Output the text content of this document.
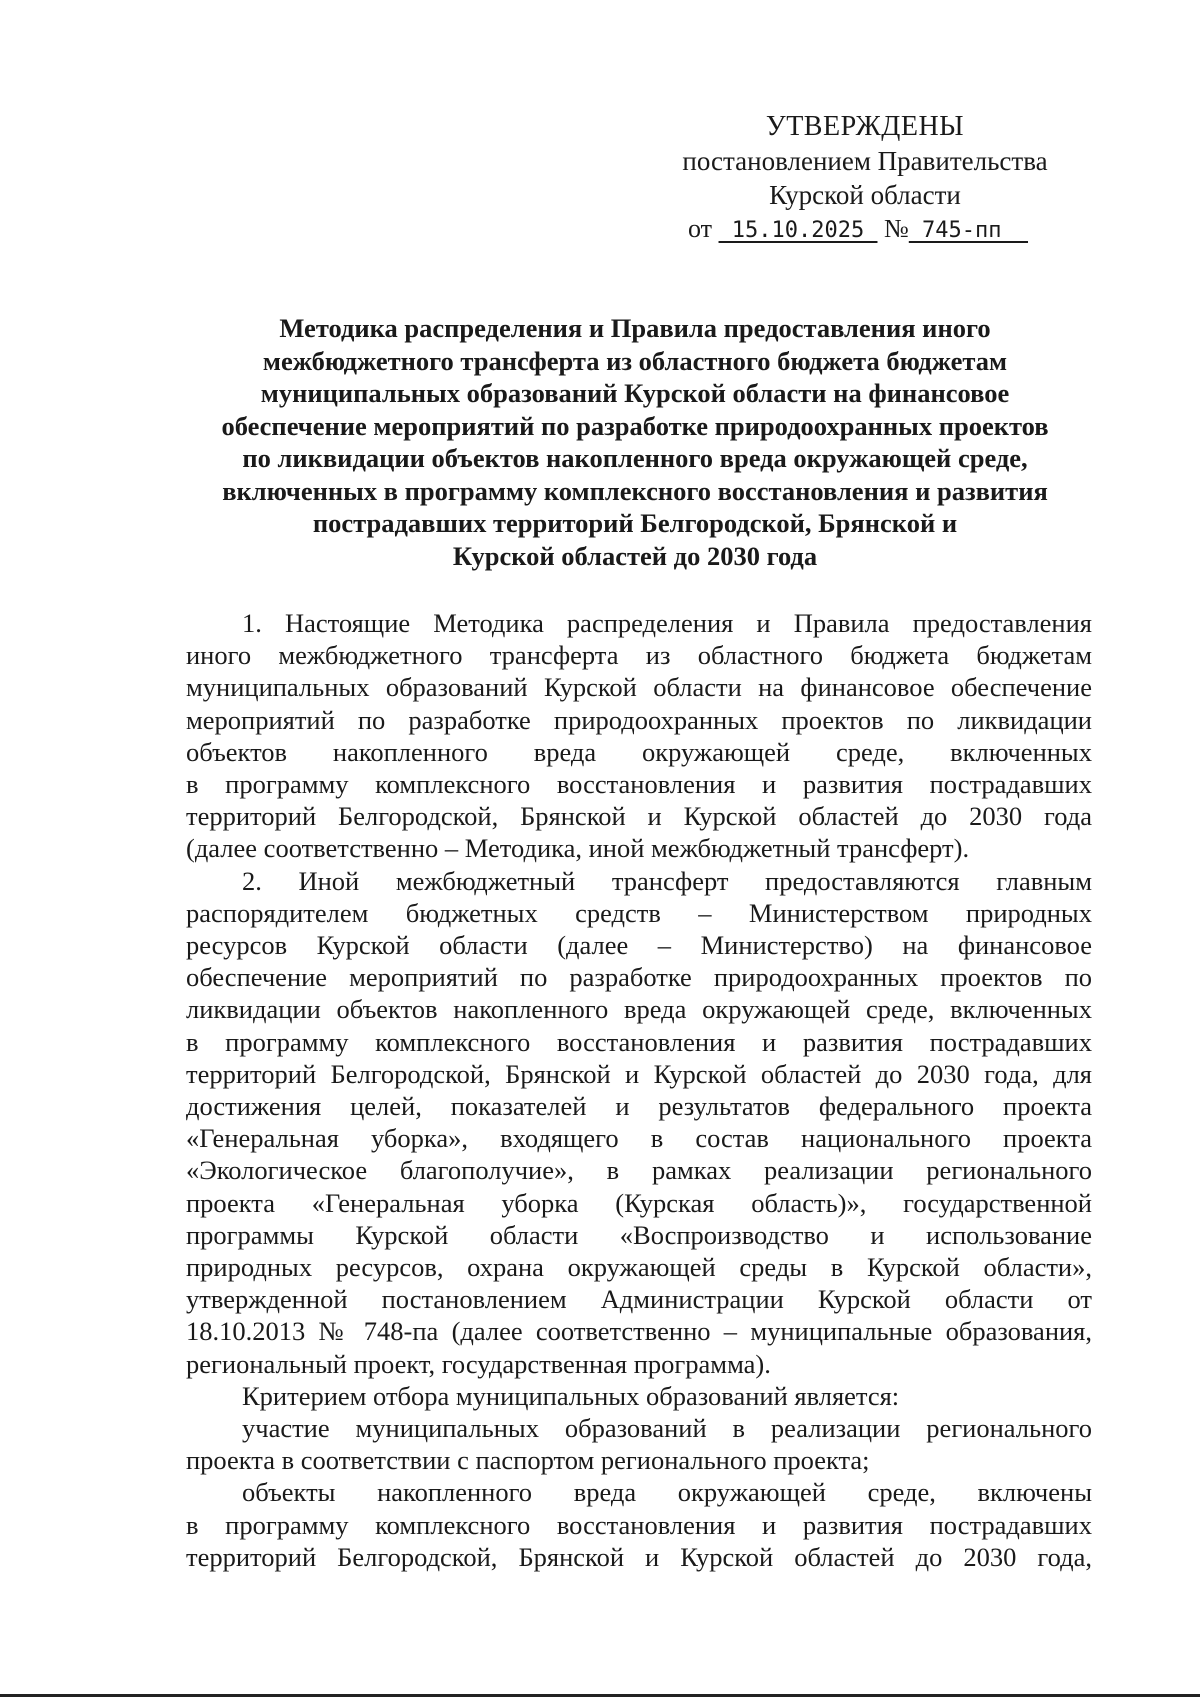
УТВЕРЖДЕНЫ
постановлением Правительства
Курской области
от  15.10.2025  № 745-пп
Методика распределения и Правила предоставления иного
межбюджетного трансферта из областного бюджета бюджетам
муниципальных образований Курской области на финансовое
обеспечение мероприятий по разработке природоохранных проектов
по ликвидации объектов накопленного вреда окружающей среде,
включенных в программу комплексного восстановления и развития
пострадавших территорий Белгородской, Брянской и
Курской областей до 2030 года
1. Настоящие Методика распределения и Правила предоставления
иного межбюджетного трансферта из областного бюджета бюджетам
муниципальных образований Курской области на финансовое обеспечение
мероприятий по разработке природоохранных проектов по ликвидации
объектов накопленного вреда окружающей среде, включенных
в программу комплексного восстановления и развития пострадавших
территорий Белгородской, Брянской и Курской областей до 2030 года
(далее соответственно – Методика, иной межбюджетный трансферт).
2. Иной межбюджетный трансферт предоставляются главным
распорядителем бюджетных средств – Министерством природных
ресурсов Курской области (далее – Министерство) на финансовое
обеспечение мероприятий по разработке природоохранных проектов по
ликвидации объектов накопленного вреда окружающей среде, включенных
в программу комплексного восстановления и развития пострадавших
территорий Белгородской, Брянской и Курской областей до 2030 года, для
достижения целей, показателей и результатов федерального проекта
«Генеральная уборка», входящего в состав национального проекта
«Экологическое благополучие», в рамках реализации регионального
проекта «Генеральная уборка (Курская область)», государственной
программы Курской области «Воспроизводство и использование
природных ресурсов, охрана окружающей среды в Курской области»,
утвержденной постановлением Администрации Курской области от
18.10.2013 № 748-па (далее соответственно – муниципальные образования,
региональный проект, государственная программа).
Критерием отбора муниципальных образований является:
участие муниципальных образований в реализации регионального
проекта в соответствии с паспортом регионального проекта;
объекты накопленного вреда окружающей среде, включены
в программу комплексного восстановления и развития пострадавших
территорий Белгородской, Брянской и Курской областей до 2030 года,
